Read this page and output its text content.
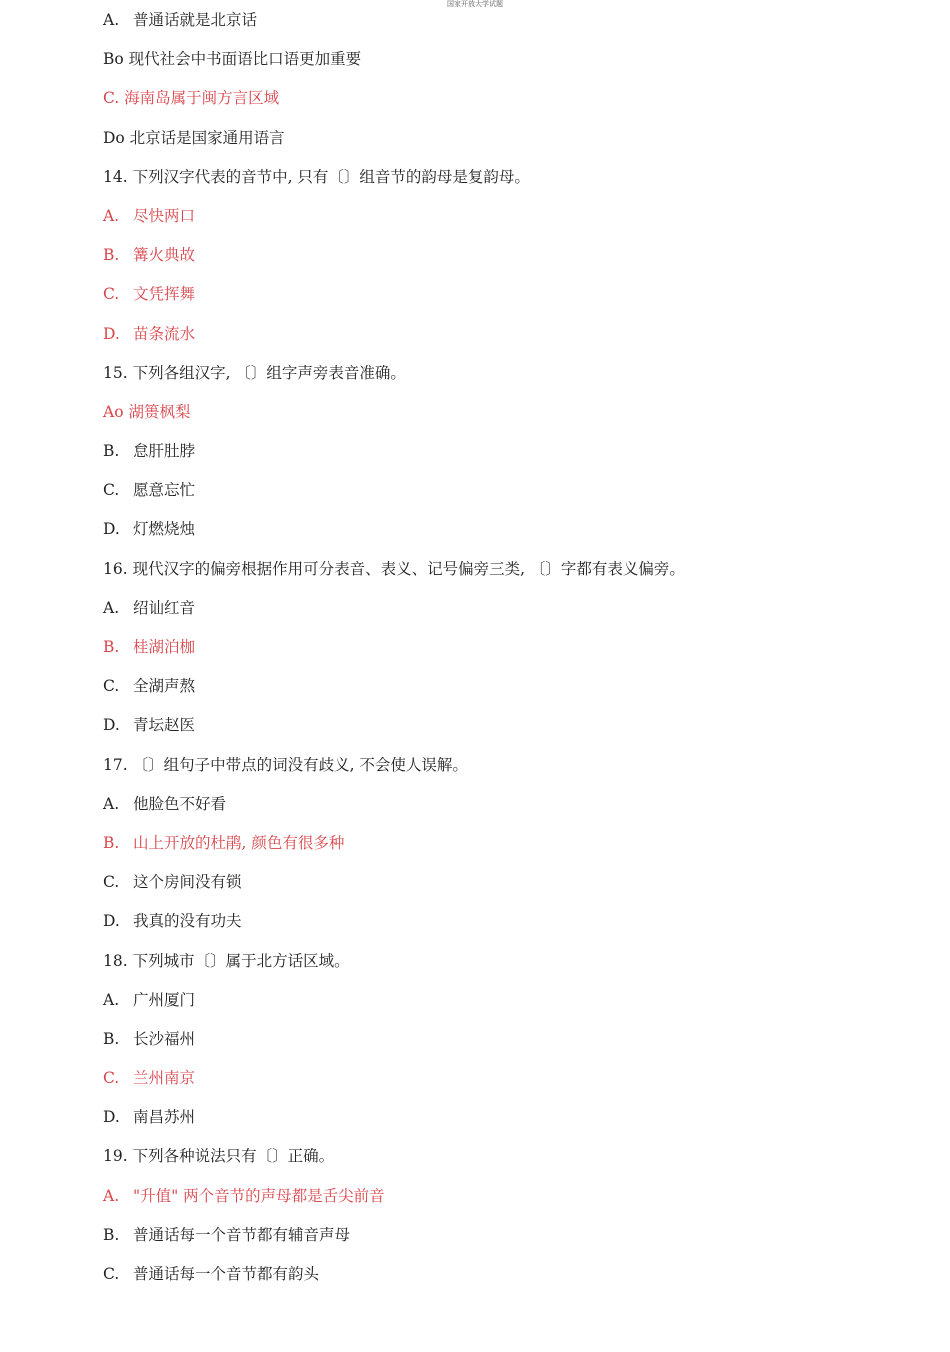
国家开放大学试题
A. 普通话就是北京话
Bo 现代社会中书面语比口语更加重要
C. 海南岛属于闽方言区域
Do 北京话是国家通用语言
14. 下列汉字代表的音节中, 只有〔〕组音节的韵母是复韵母。
A. 尽快两口
B. 篝火典故
C. 文凭挥舞
D. 苗条流水
15. 下列各组汉字, 〔〕组字声旁表音准确。
Ao 湖篑枫梨
B. 怠肝肚脖
C. 愿意忘忙
D. 灯燃烧烛
16. 现代汉字的偏旁根据作用可分表音、表义、记号偏旁三类, 〔〕字都有表义偏旁。
A. 绍讪红音
B. 桂湖泊枷
C. 全湖声熬
D. 青坛赵医
17. 〔〕组句子中带点的词没有歧义, 不会使人误解。
A. 他脸色不好看
B. 山上开放的杜鹃, 颜色有很多种
C. 这个房间没有锁
D. 我真的没有功夫
18. 下列城市〔〕属于北方话区域。
A. 广州厦门
B. 长沙福州
C. 兰州南京
D. 南昌苏州
19. 下列各种说法只有〔〕正确。
A. "升值" 两个音节的声母都是舌尖前音
B. 普通话每一个音节都有辅音声母
C. 普通话每一个音节都有韵头
